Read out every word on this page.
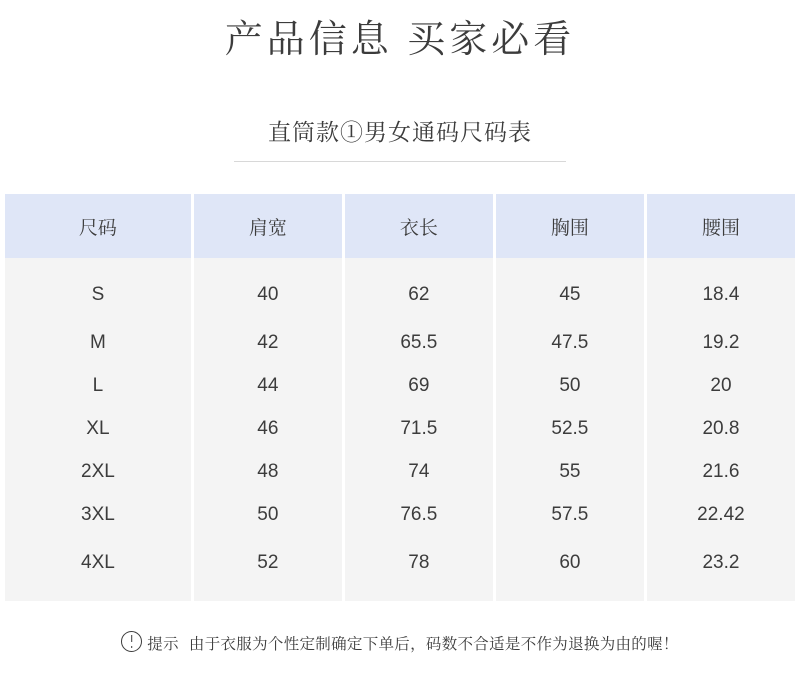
产品信息 买家必看
直筒款①男女通码尺码表
尺码	肩宽	衣长	胸围	腰围
S	40	62	45	18.4
M	42	65.5	47.5	19.2
L	44	69	50	20
XL	46	71.5	52.5	20.8
2XL	48	74	55	21.6
3XL	50	76.5	57.5	22.42
4XL	52	78	60	23.2
提示 由于衣服为个性定制确定下单后，码数不合适是不作为退换为由的喔！
